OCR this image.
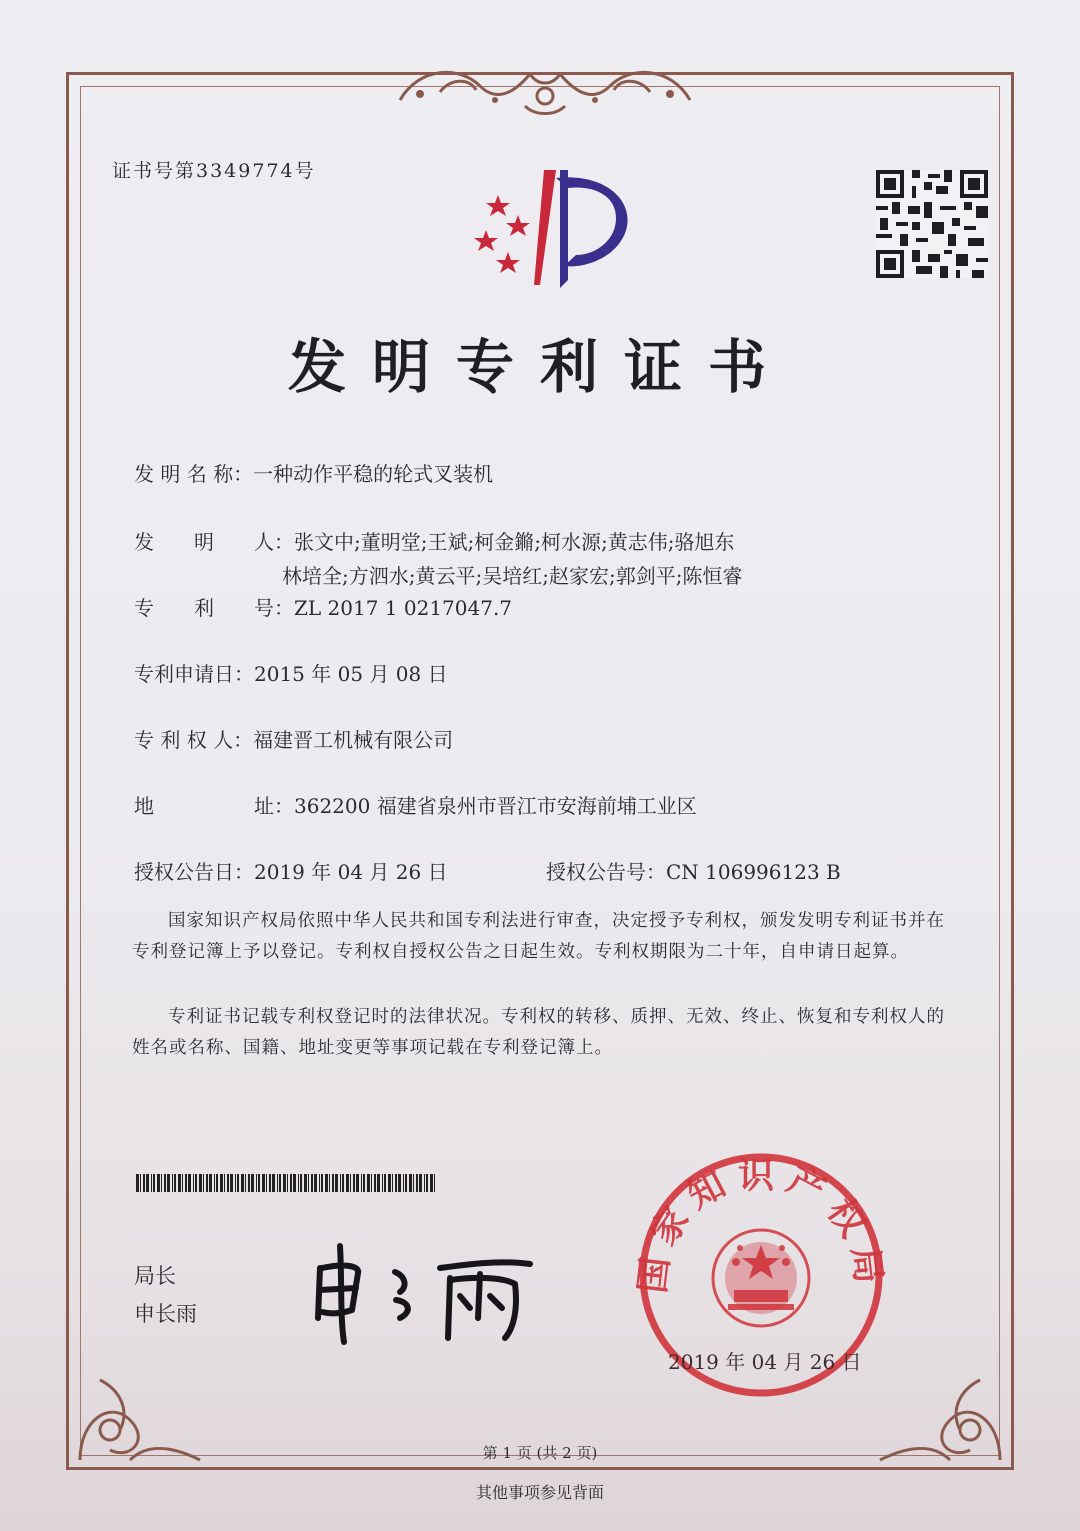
证书号第3349774号
发明专利证书
发 明 名 称：一种动作平稳的轮式叉装机
发　　明　　人：张文中;董明堂;王斌;柯金鏅;柯水源;黄志伟;骆旭东
林培全;方泗水;黄云平;吴培红;赵家宏;郭剑平;陈恒睿
专　　利　　号：ZL 2017 1 0217047.7
专利申请日：2015 年 05 月 08 日
专 利 权 人：福建晋工机械有限公司
地　　　　　址：362200 福建省泉州市晋江市安海前埔工业区
授权公告日：2019 年 04 月 26 日	授权公告号：CN 106996123 B
国家知识产权局依照中华人民共和国专利法进行审查，决定授予专利权，颁发发明专利证书并在专利登记簿上予以登记。专利权自授权公告之日起生效。专利权期限为二十年，自申请日起算。
专利证书记载专利权登记时的法律状况。专利权的转移、质押、无效、终止、恢复和专利权人的姓名或名称、国籍、地址变更等事项记载在专利登记簿上。
局长
申长雨
国家知识产权局
2019 年 04 月 26 日
第 1 页 (共 2 页)
其他事项参见背面
